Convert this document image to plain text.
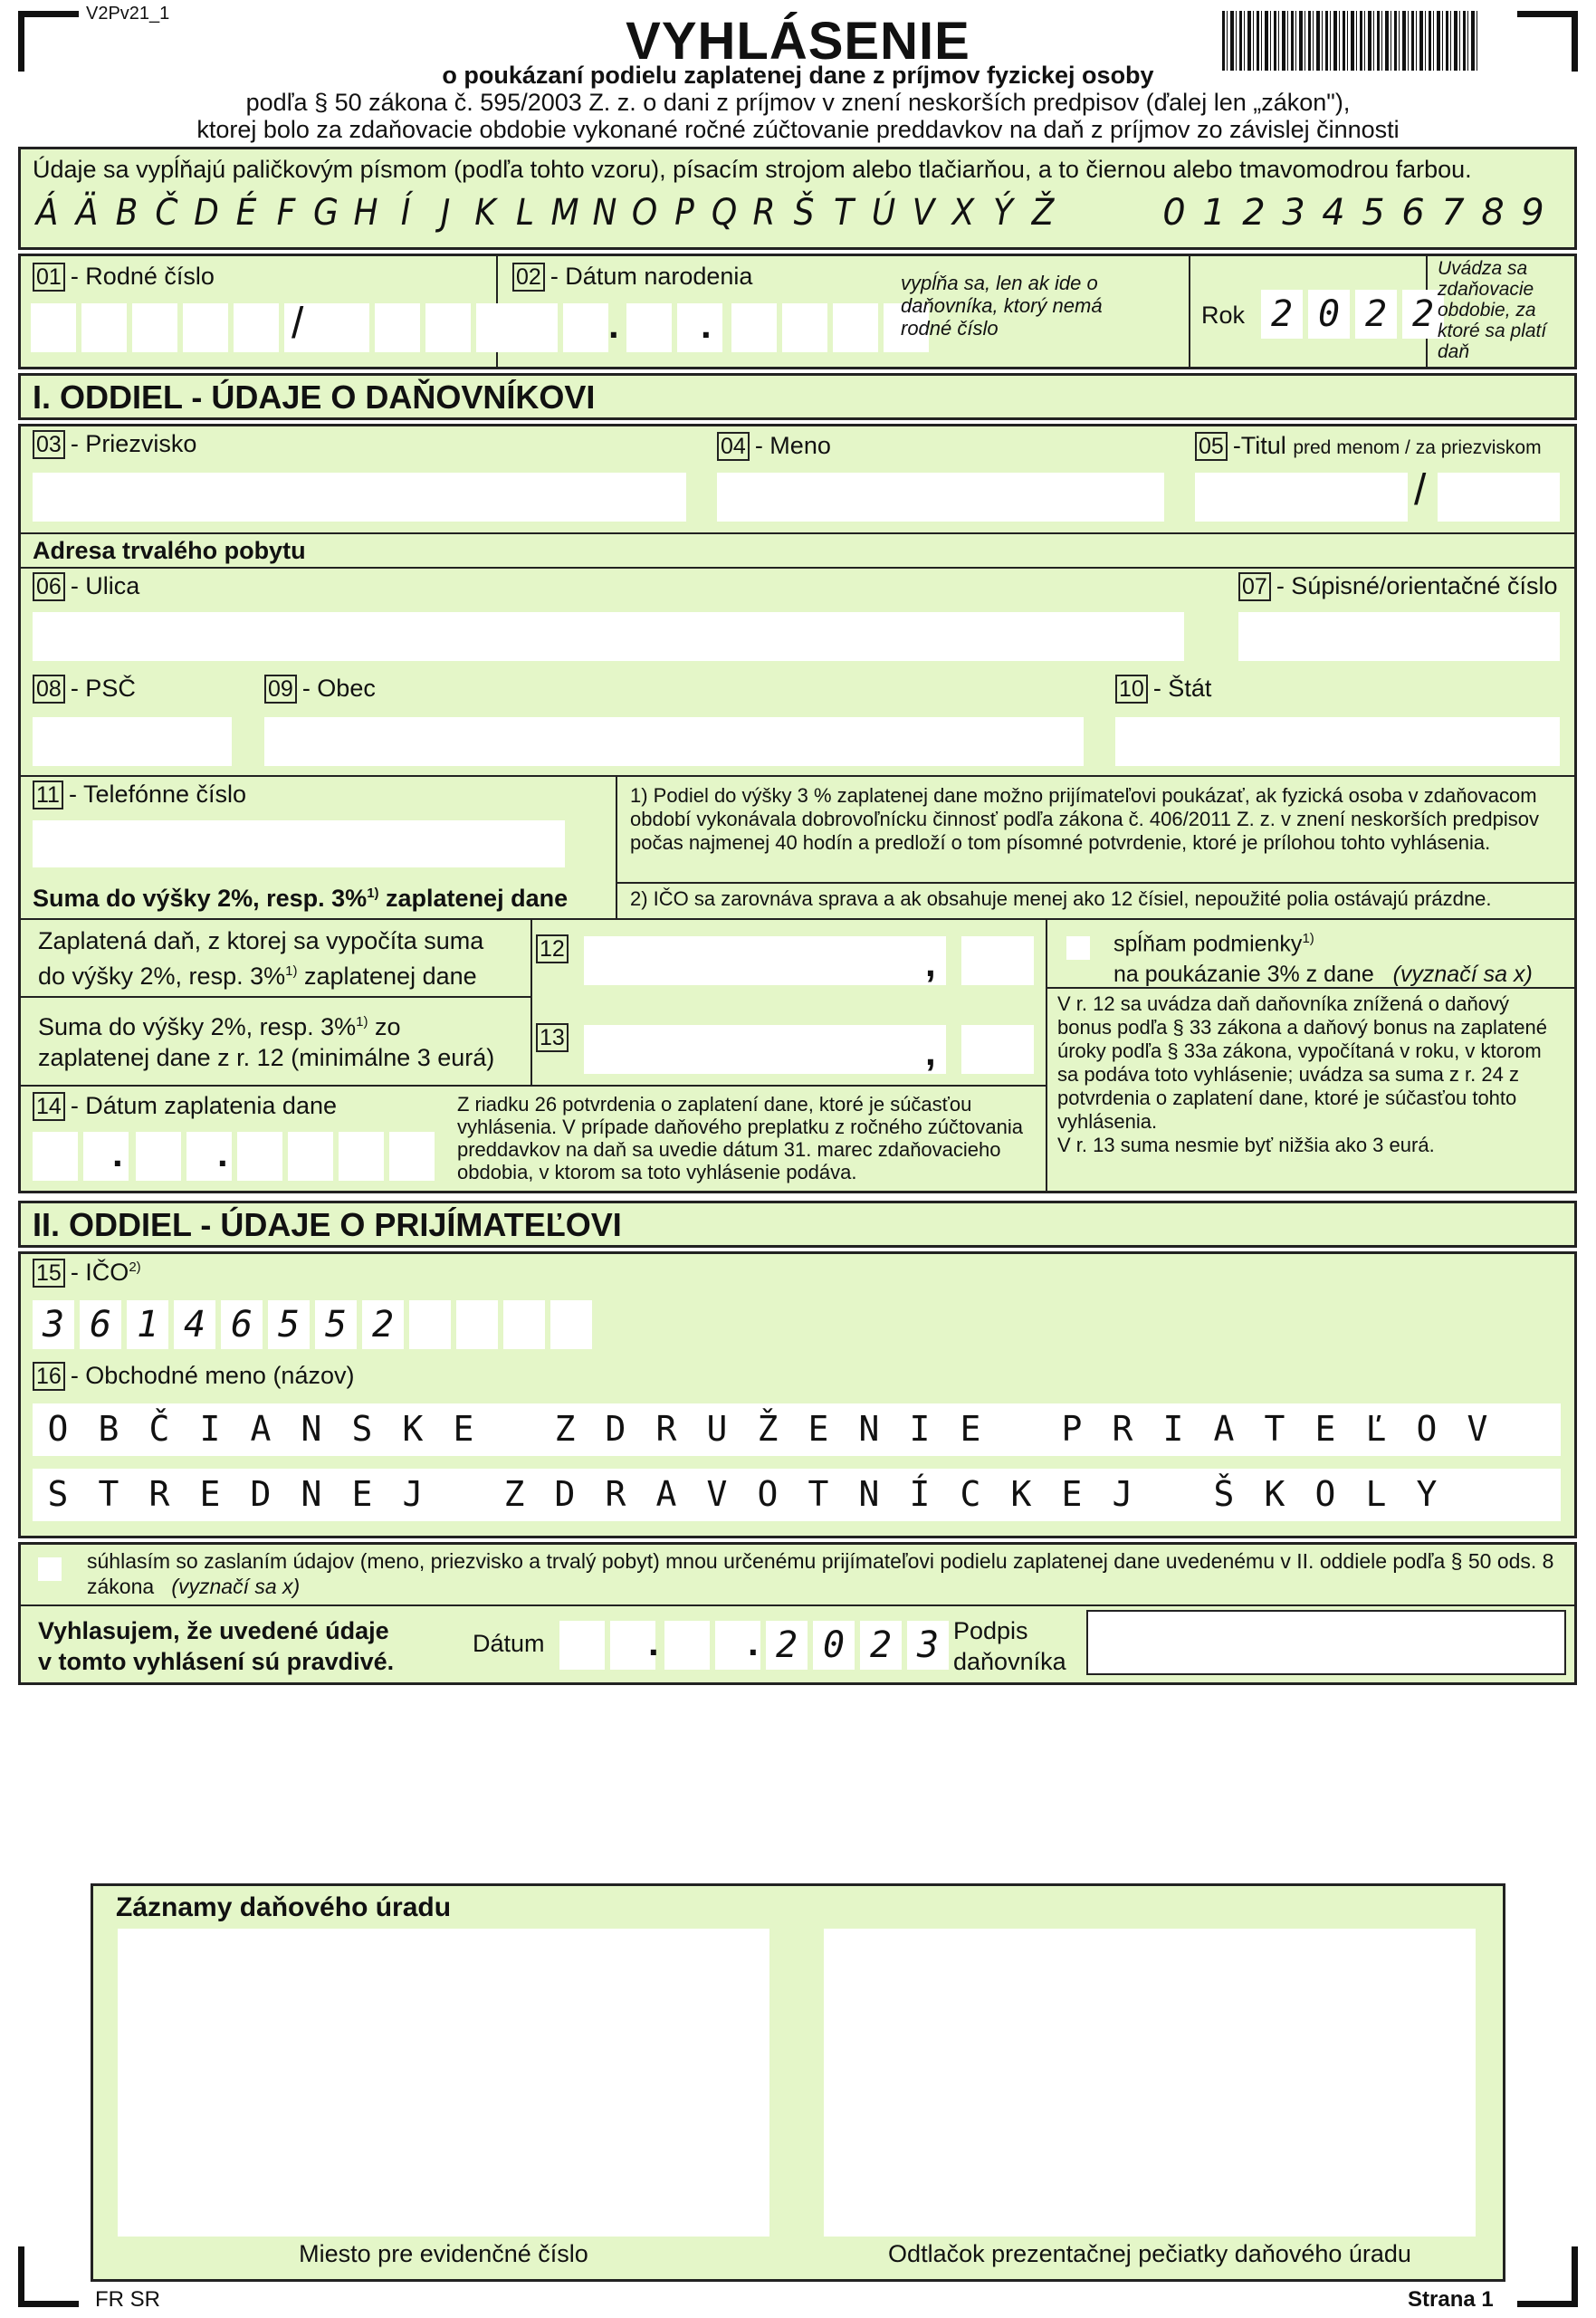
V2Pv21_1	VYHLÁSENIE
o poukázaní podielu zaplatenej dane z príjmov fyzickej osoby
podľa § 50 zákona č. 595/2003 Z. z. o dani z príjmov v znení neskorších predpisov (ďalej len „zákon"),
ktorej bolo za zdaňovacie obdobie vykonané ročné zúčtovanie preddavkov na daň z príjmov zo závislej činnosti
Údaje sa vypĺňajú paličkovým písmom (podľa tohto vzoru), písacím strojom alebo tlačiarňou, a to čiernou alebo tmavomodrou farbou.
Á Ä B Č D É F G H Í J K L M N O P Q R Š T Ú V X Ý Ž	0 1 2 3 4 5 6 7 8 9
01 - Rodné číslo
/
02 - Dátum narodenia
. .
vypĺňa sa, len ak ide o daňovníka, ktorý nemá rodné číslo	Rok 2 0 2 2
Uvádza sa zdaňovacie obdobie, za ktoré sa platí daň
I. ODDIEL - ÚDAJE O DAŇOVNÍKOVI
03 - Priezvisko	04 - Meno	05 -Titul pred menom / za priezviskom
/
Adresa trvalého pobytu
06 - Ulica	07 - Súpisné/orientačné číslo
08 - PSČ	09 - Obec	10 - Štát
11 - Telefónne číslo	1) Podiel do výšky 3 % zaplatenej dane možno prijímateľovi poukázať, ak fyzická osoba v zdaňovacom období vykonávala dobrovoľnícku činnosť podľa zákona č. 406/2011 Z. z. v znení neskorších predpisov počas najmenej 40 hodín a predloží o tom písomné potvrdenie, ktoré je prílohou tohto vyhlásenia.
2) IČO sa zarovnáva sprava a ak obsahuje menej ako 12 čísiel, nepoužité polia ostávajú prázdne.
Suma do výšky 2%, resp. 3%$^{1)}$ zaplatenej dane
Zaplatená daň, z ktorej sa vypočíta suma
do výšky 2%, resp. 3%$^{1)}$ zaplatenej dane
12	,
Suma do výšky 2%, resp. 3%$^{1)}$ zo
zaplatenej dane z r. 12 (minimálne 3 eurá)
13	,
spĺňam podmienky$^{1)}$
na poukázanie 3% z dane (vyznačí sa x)
V r. 12 sa uvádza daň daňovníka znížená o daňový bonus podľa § 33 zákona a daňový bonus na zaplatené úroky podľa § 33a zákona, vypočítaná v roku, v ktorom sa podáva toto vyhlásenie; uvádza sa suma z r. 24 z potvrdenia o zaplatení dane, ktoré je súčasťou tohto vyhlásenia.
V r. 13 suma nesmie byť nižšia ako 3 eurá.
14 - Dátum zaplatenia dane
. .
Z riadku 26 potvrdenia o zaplatení dane, ktoré je súčasťou vyhlásenia. V prípade daňového preplatku z ročného zúčtovania preddavkov na daň sa uvedie dátum 31. marec zdaňovacieho obdobia, v ktorom sa toto vyhlásenie podáva.
II. ODDIEL - ÚDAJE O PRIJÍMATEĽOVI
15 - IČO$^{2)}$
3 6 1 4 6 5 5 2
16 - Obchodné meno (názov)
O B Č I A N S K E Z D R U Ž E N I E P R I A T E Ľ O V
S T R E D N E J Z D R A V O T N Í C K E J Š K O L Y
súhlasím so zaslaním údajov (meno, priezvisko a trvalý pobyt) mnou určenému prijímateľovi podielu zaplatenej dane uvedenému v II. oddiele podľa § 50 ods. 8 zákona (vyznačí sa x)
Vyhlasujem, že uvedené údaje
v tomto vyhlásení sú pravdivé.
Dátum	. . 2 0 2 3 Podpis
daňovníka
Záznamy daňového úradu
Miesto pre evidenčné číslo	Odtlačok prezentačnej pečiatky daňového úradu
FR SR	Strana 1
